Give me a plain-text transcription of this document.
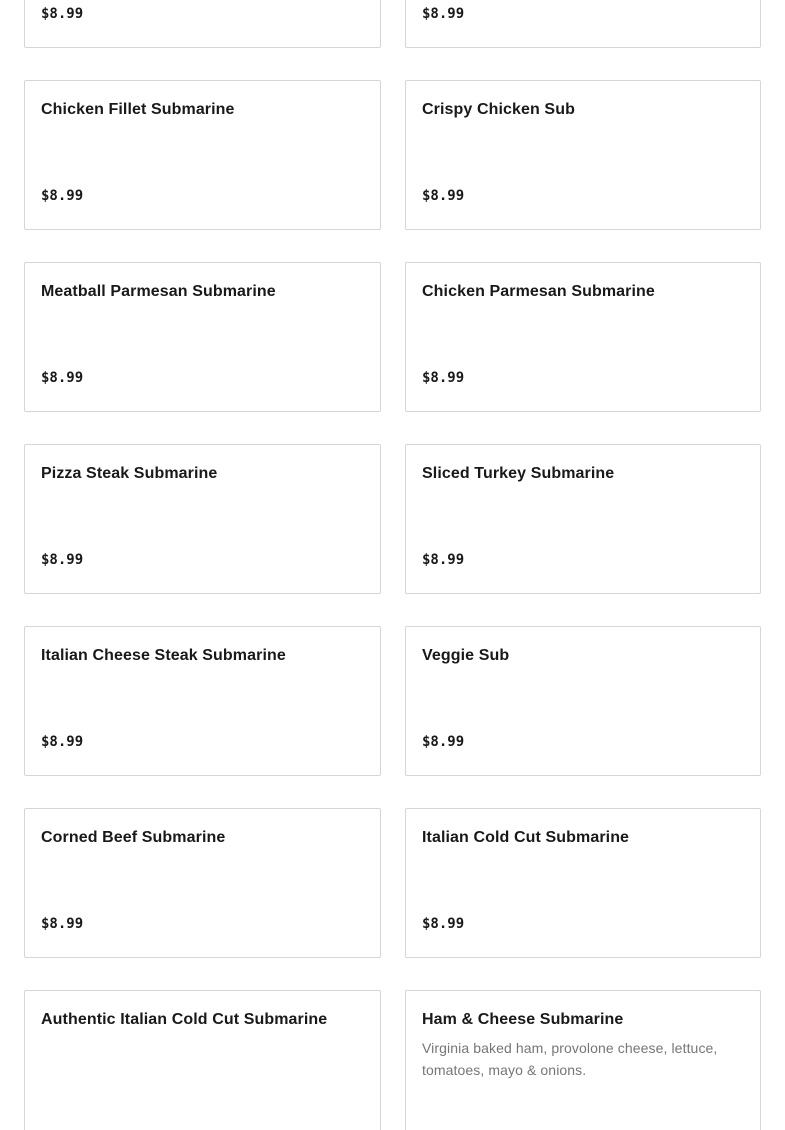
$8.99	$8.99
Chicken Fillet Submarine
$8.99
Crispy Chicken Sub
$8.99
Meatball Parmesan Submarine
$8.99
Chicken Parmesan Submarine
$8.99
Pizza Steak Submarine
$8.99
Sliced Turkey Submarine
$8.99
Italian Cheese Steak Submarine
$8.99
Veggie Sub
$8.99
Corned Beef Submarine
$8.99
Italian Cold Cut Submarine
$8.99
Authentic Italian Cold Cut Submarine	Ham & Cheese Submarine
Virginia baked ham, provolone cheese, lettuce, tomatoes, mayo & onions.
